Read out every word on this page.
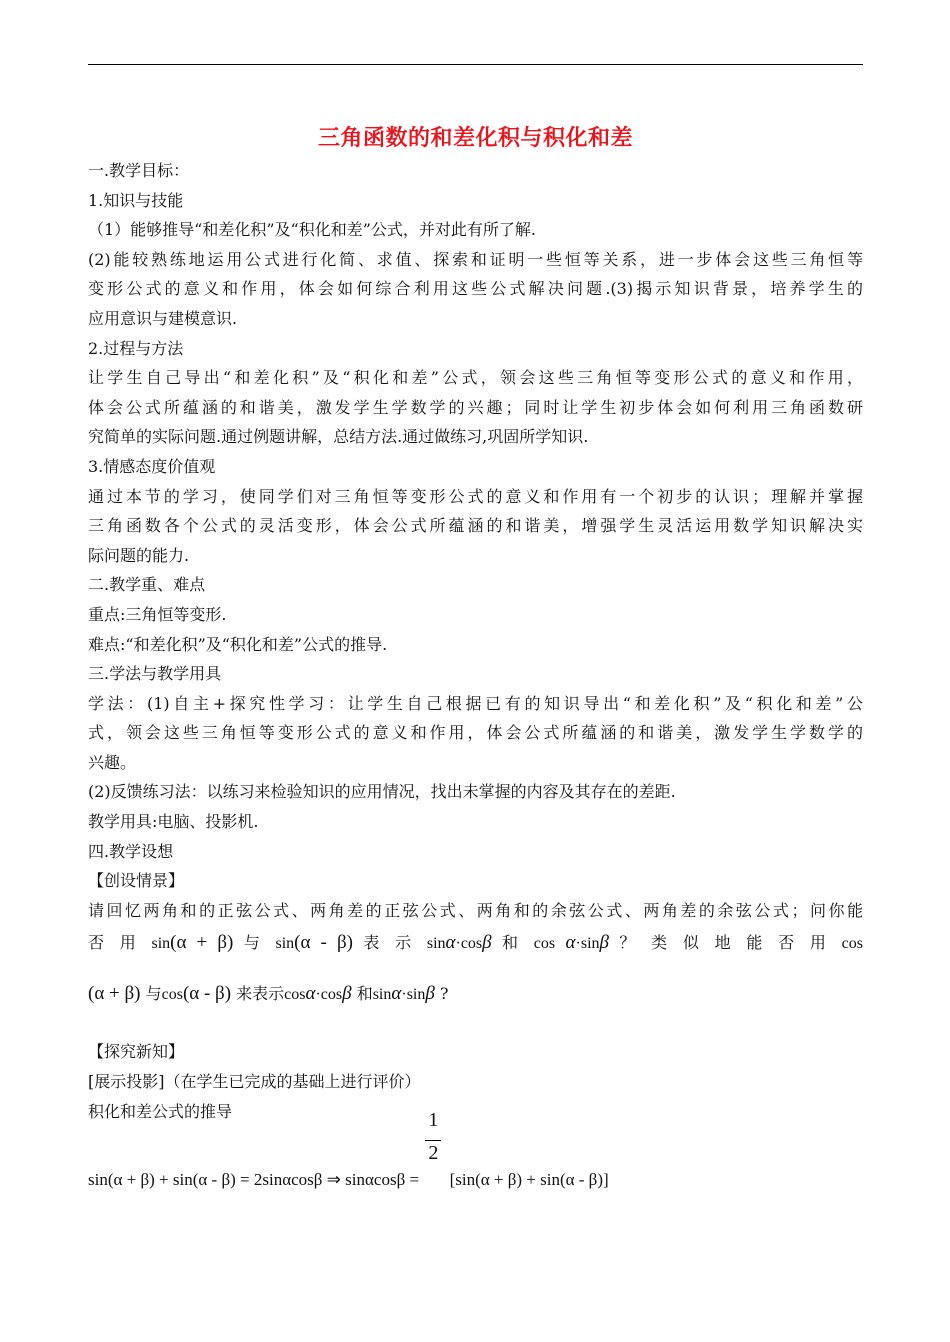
三角函数的和差化积与积化和差

一.教学目标：

1.知识与技能

（1）能够推导“和差化积”及“积化和差”公式，并对此有所了解.

(2)能较熟练地运用公式进行化简、求值、探索和证明一些恒等关系，进一步体会这些三角恒等

变形公式的意义和作用，体会如何综合利用这些公式解决问题.(3)揭示知识背景，培养学生的

应用意识与建模意识.

2.过程与方法

让学生自己导出“和差化积”及“积化和差”公式，领会这些三角恒等变形公式的意义和作用，

体会公式所蕴涵的和谐美，激发学生学数学的兴趣；同时让学生初步体会如何利用三角函数研

究简单的实际问题.通过例题讲解，总结方法.通过做练习,巩固所学知识.

3.情感态度价值观

通过本节的学习，使同学们对三角恒等变形公式的意义和作用有一个初步的认识；理解并掌握

三角函数各个公式的灵活变形，体会公式所蕴涵的和谐美，增强学生灵活运用数学知识解决实

际问题的能力.

二.教学重、难点

重点:三角恒等变形.

难点:“和差化积”及“积化和差”公式的推导.

三.学法与教学用具

学法：(1)自主+探究性学习：让学生自己根据已有的知识导出“和差化积”及“积化和差”公

式，领会这些三角恒等变形公式的意义和作用，体会公式所蕴涵的和谐美，激发学生学数学的

兴趣。

(2)反馈练习法：以练习来检验知识的应用情况，找出未掌握的内容及其存在的差距.

教学用具:电脑、投影机.

四.教学设想

【创设情景】

请回忆两角和的正弦公式、两角差的正弦公式、两角和的余弦公式、两角差的余弦公式；问你能

否 用 sin(α + β) 与 sin(α - β) 表 示 sinα·cosβ 和 cos α·sinβ ？ 类 似 地 能 否 用 cos

(α + β) 与cos(α - β) 来表示cosα·cosβ 和sinα·sinβ ?

【探究新知】

[展示投影]（在学生已完成的基础上进行评价）

积化和差公式的推导

sin(α + β) + sin(α - β) = 2sinαcosβ ⇒ $\sin\alpha\cos\beta = \frac{1}{2} [\sin(\alpha + \beta) + \sin(\alpha - \beta)]$
